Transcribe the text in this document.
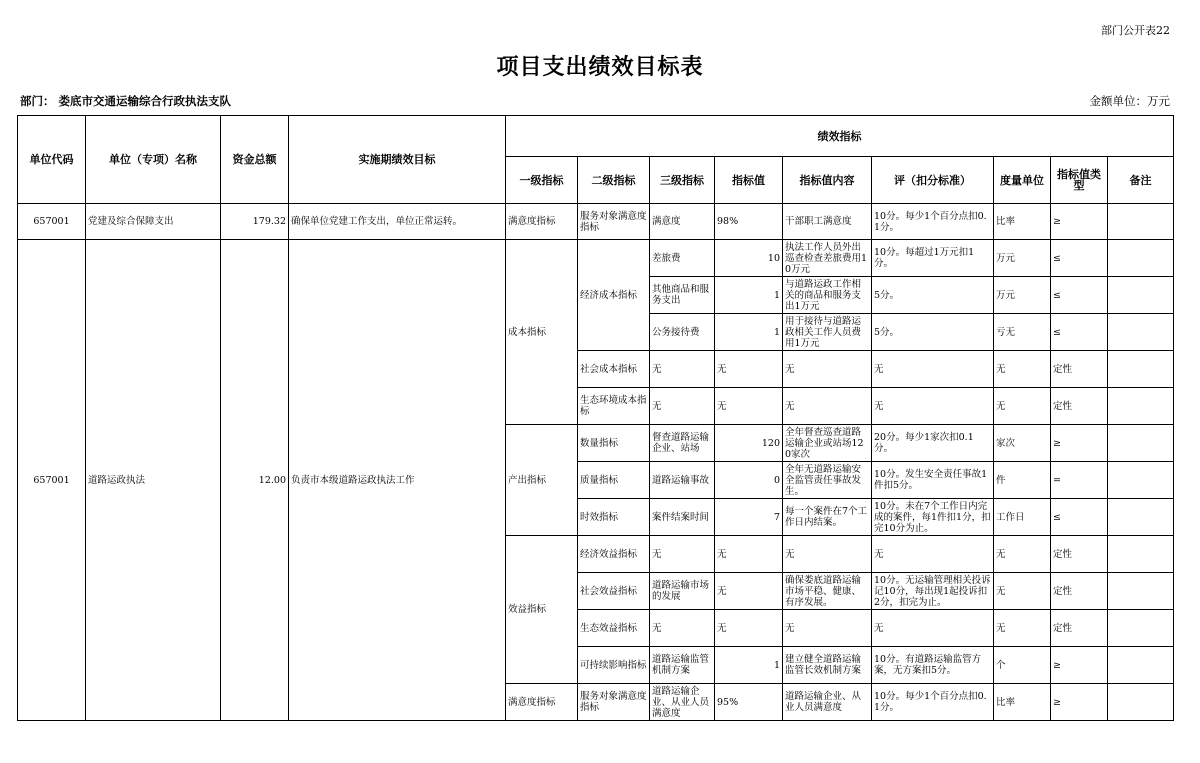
部门公开表22
项目支出绩效目标表
部门： 娄底市交通运输综合行政执法支队	金额单位：万元
单位代码	单位（专项）名称	资金总额	实施期绩效目标	绩效指标								
				一级指标	二级指标	三级指标	指标值	指标值内容	评（扣分标准）	度量单位	指标值类型	备注
657001	党建及综合保障支出	179.32	确保单位党建工作支出，单位正常运转。	满意度指标	服务对象满意度指标	满意度	98%	干部职工满意度	10分。每少1个百分点扣0.1分。	比率	≥	
657001	道路运政执法	12.00	负责市本级道路运政执法工作	成本指标	经济成本指标	差旅费	10	执法工作人员外出巡查检查差旅费用10万元	10分。每超过1万元扣1分。	万元	≤	
						其他商品和服务支出	1	与道路运政工作相关的商品和服务支出1万元	5分。	万元	≤	
						公务接待费	1	用于接待与道路运政相关工作人员费用1万元	5分。	亏无	≤	
					社会成本指标	无	无	无	无	无	定性	
					生态环境成本指标	无	无	无	无	无	定性	
				产出指标	数量指标	督查道路运输企业、站场	120	全年督查巡查道路运输企业或站场120家次	20分。每少1家次扣0.1分。	家次	≥	
					质量指标	道路运输事故	0	全年无道路运输安全监管责任事故发生。	10分。发生安全责任事故1件扣5分。	件	=	
					时效指标	案件结案时间	7	每一个案件在7个工作日内结案。	10分。未在7个工作日内完成的案件，每1件扣1分，扣完10分为止。	工作日	≤	
				效益指标	经济效益指标	无	无	无	无	无	定性	
					社会效益指标	道路运输市场的发展	无	确保娄底道路运输市场平稳、健康、有序发展。	10分。无运输管理相关投诉记10分，每出现1起投诉扣2分，扣完为止。	无	定性	
					生态效益指标	无	无	无	无	无	定性	
					可持续影响指标	道路运输监管机制方案	1	建立健全道路运输监管长效机制方案	10分。有道路运输监管方案，无方案扣5分。	个	≥	
				满意度指标	服务对象满意度指标	道路运输企业、从业人员满意度	95%	道路运输企业、从业人员满意度	10分。每少1个百分点扣0.1分。	比率	≥	
